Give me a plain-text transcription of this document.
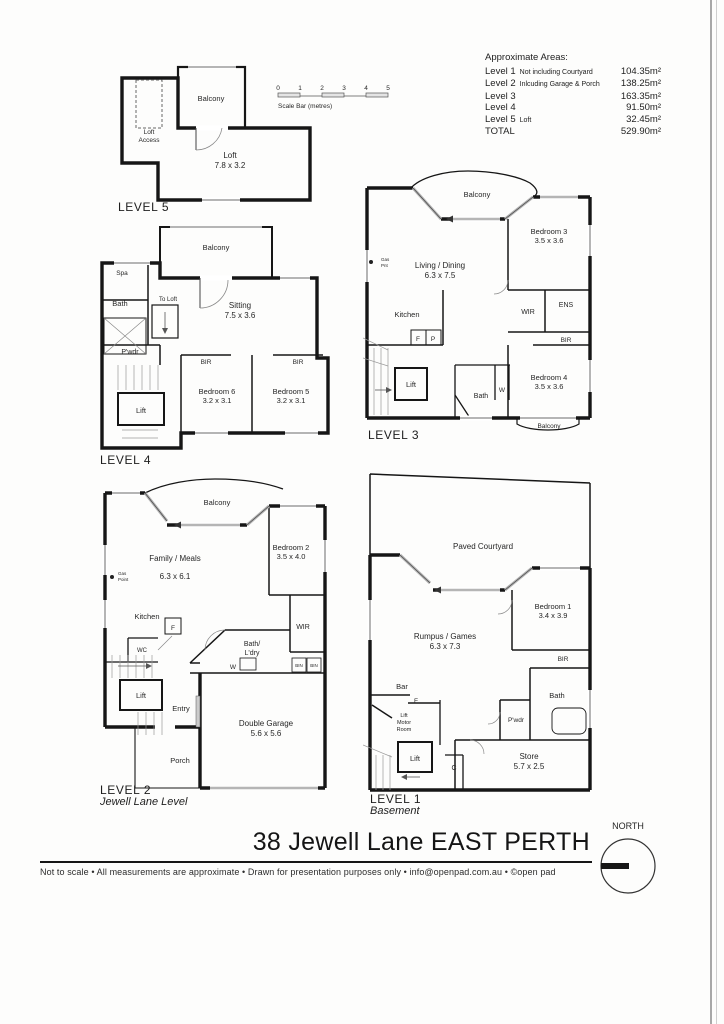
Balcony
Loft
Access
Loft
7.8 x 3.2
LEVEL 5
0	1	2	3	4	5
Scale Bar (metres)
Approximate Areas:
Level 1 Not including Courtyard	104.35m²
Level 2 Inlcuding Garage & Porch 138.25m²
Level 3	163.35m²
Level 4	91.50m²
Level 5 Loft	32.45m²
TOTAL	529.90m²
Spa
Bath	To Loft
P'wdr
Lift
Balcony
Sitting
7.5 x 3.6
BIR	BIR
Bedroom 6
3.2 x 3.1
Bedroom 5
3.2 x 3.1
LEVEL 4
Balcony
Gas
Pnt	Living / Dining
6.3 x 7.5
Kitchen
Bedroom 3
3.5 x 3.6
WIR
ENS
BIR
F P
Lift
Bath
W
Bedroom 4
3.5 x 3.6
Balcony
LEVEL 3
Balcony
Family / Meals
6.3 x 6.1
Gas
Point
Bedroom 2
3.5 x 4.0
Kitchen
F
WC
Bath/
L'dry
W
WIR
BIN BIN
Lift
Entry
Double Garage
5.6 x 5.6
Porch
LEVEL 2
Jewell Lane Level
Paved Courtyard
Bedroom 1
3.4 x 3.9
Rumpus / Games
6.3 x 7.3
BIR
Bar
F
Bath
P'wdr
Lift
Motor
Room
Lift
C
Store
5.7 x 2.5
LEVEL 1
Basement
38 Jewell Lane EAST PERTH
Not to scale • All measurements are approximate • Drawn for presentation purposes only • info@openpad.com.au • ©open pad
NORTH
